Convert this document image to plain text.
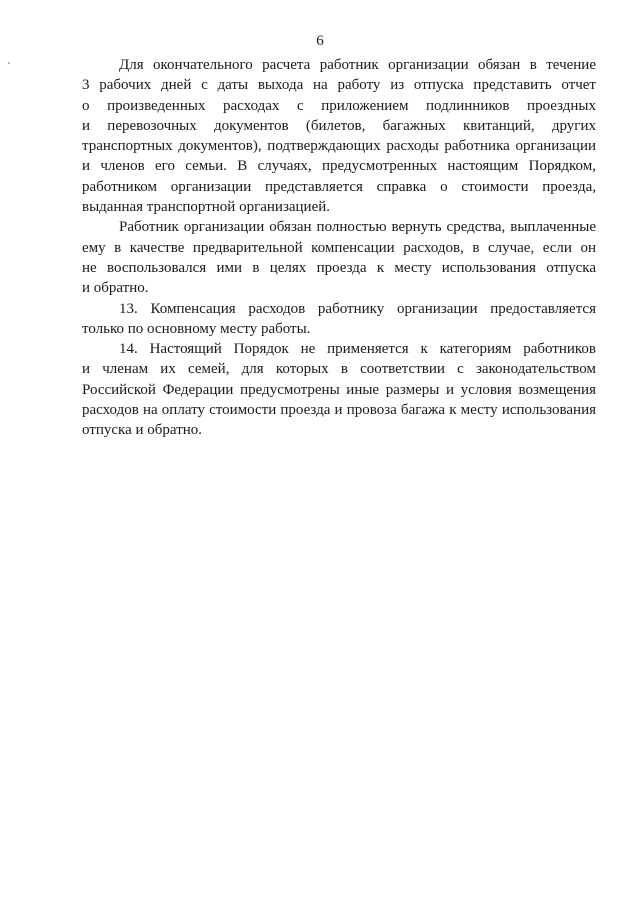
6
Для окончательного расчета работник организации обязан в течение
3 рабочих дней с даты выхода на работу из отпуска представить отчет
о произведенных расходах с приложением подлинников проездных
и перевозочных документов (билетов, багажных квитанций, других
транспортных документов), подтверждающих расходы работника организации
и членов его семьи. В случаях, предусмотренных настоящим Порядком,
работником организации представляется справка о стоимости проезда,
выданная транспортной организацией.
Работник организации обязан полностью вернуть средства, выплаченные
ему в качестве предварительной компенсации расходов, в случае, если он
не воспользовался ими в целях проезда к месту использования отпуска
и обратно.
13. Компенсация расходов работнику организации предоставляется
только по основному месту работы.
14. Настоящий Порядок не применяется к категориям работников
и членам их семей, для которых в соответствии с законодательством
Российской Федерации предусмотрены иные размеры и условия возмещения
расходов на оплату стоимости проезда и провоза багажа к месту использования
отпуска и обратно.
